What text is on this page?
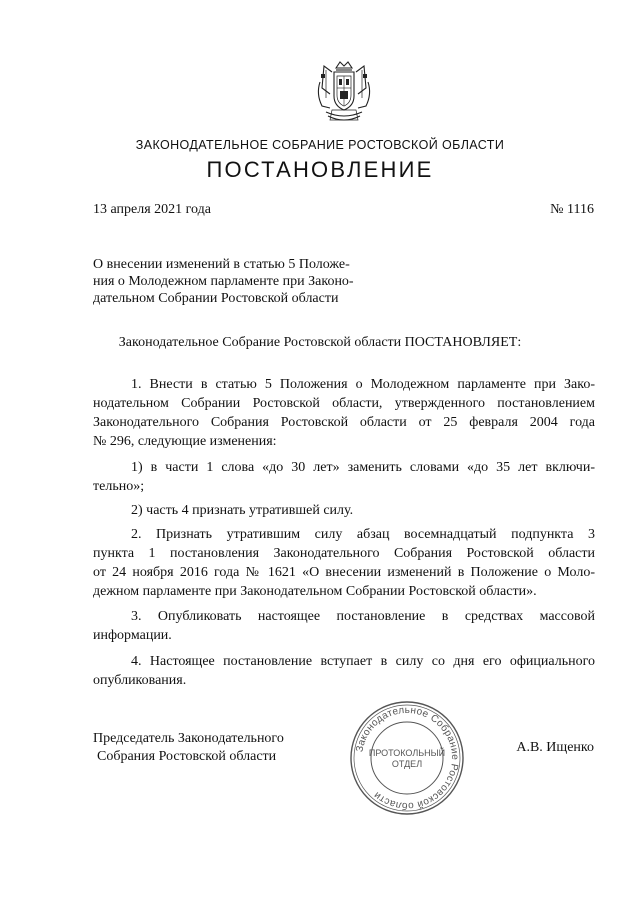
ЗАКОНОДАТЕЛЬНОЕ СОБРАНИЕ РОСТОВСКОЙ ОБЛАСТИ
ПОСТАНОВЛЕНИЕ
13 апреля 2021 года	№ 1116
О внесении изменений в статью 5 Положе-
ния о Молодежном парламенте при Законо-
дательном Собрании Ростовской области
Законодательное Собрание Ростовской области ПОСТАНОВЛЯЕТ:
1. Внести в статью 5 Положения о Молодежном парламенте при Зако-
нодательном Собрании Ростовской области, утвержденного постановлением
Законодательного Собрания Ростовской области от 25 февраля 2004 года
№ 296, следующие изменения:
1) в части 1 слова «до 30 лет» заменить словами «до 35 лет включи-
тельно»;
2) часть 4 признать утратившей силу.
2. Признать утратившим силу абзац восемнадцатый подпункта 3
пункта 1 постановления Законодательного Собрания Ростовской области
от 24 ноября 2016 года № 1621 «О внесении изменений в Положение о Моло-
дежном парламенте при Законодательном Собрании Ростовской области».
3. Опубликовать настоящее постановление в средствах массовой
информации.
4. Настоящее постановление вступает в силу со дня его официального
опубликования.
Председатель Законодательного
Собрания Ростовской области
Законодательное Собрание Ростовской области
ПРОТОКОЛЬНЫЙ
ОТДЕЛ
А.В. Ищенко
